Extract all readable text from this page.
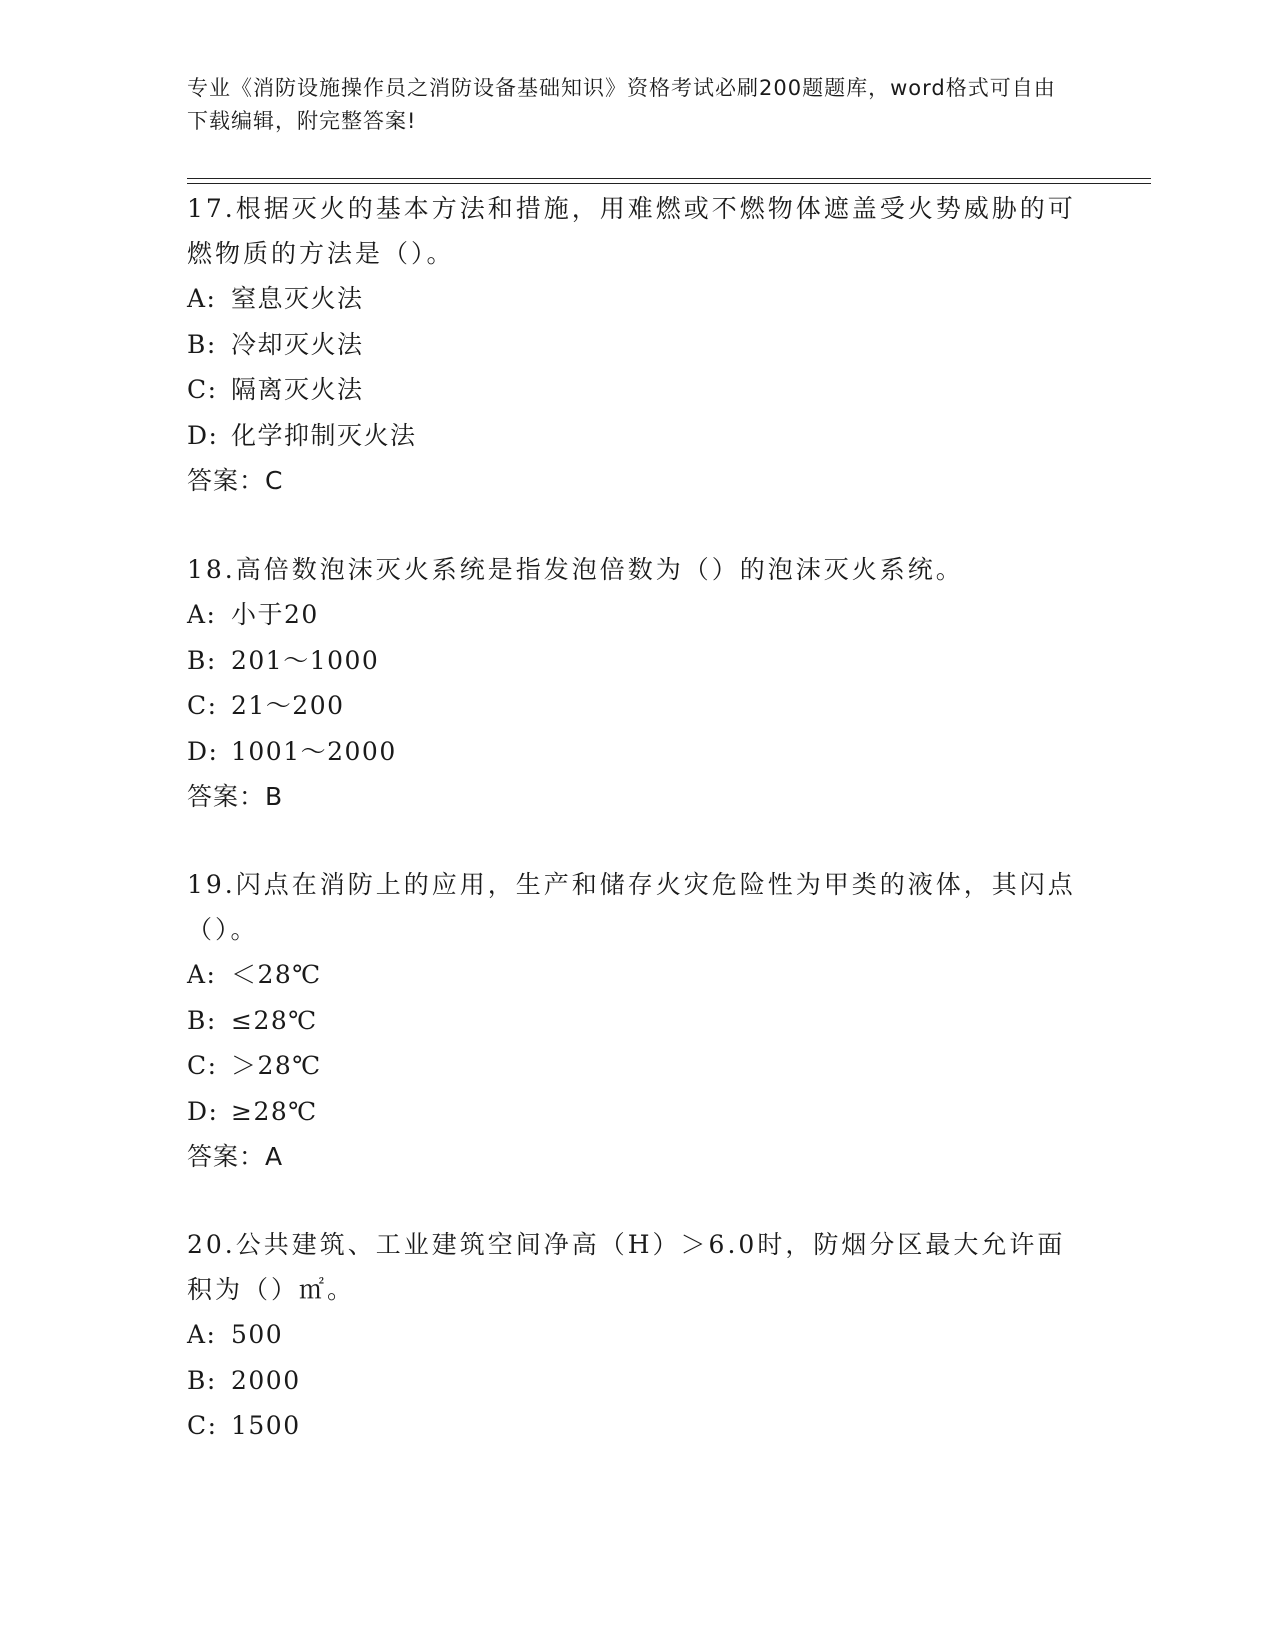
专业《消防设施操作员之消防设备基础知识》资格考试必刷200题题库，word格式可自由下载编辑，附完整答案!

17.根据灭火的基本方法和措施，用难燃或不燃物体遮盖受火势威胁的可燃物质的方法是（）。

A: 窒息灭火法

B: 冷却灭火法

C: 隔离灭火法

D: 化学抑制灭火法

答案：C

18.高倍数泡沫灭火系统是指发泡倍数为（）的泡沫灭火系统。

A: 小于20

B: 201～1000

C: 21～200

D: 1001～2000

答案：B

19.闪点在消防上的应用，生产和储存火灾危险性为甲类的液体，其闪点（）。

A: ＜28℃

B: ≤28℃

C: ＞28℃

D: ≥28℃

答案：A

20.公共建筑、工业建筑空间净高（H）＞6.0时，防烟分区最大允许面积为（）㎡。

A: 500

B: 2000

C: 1500
